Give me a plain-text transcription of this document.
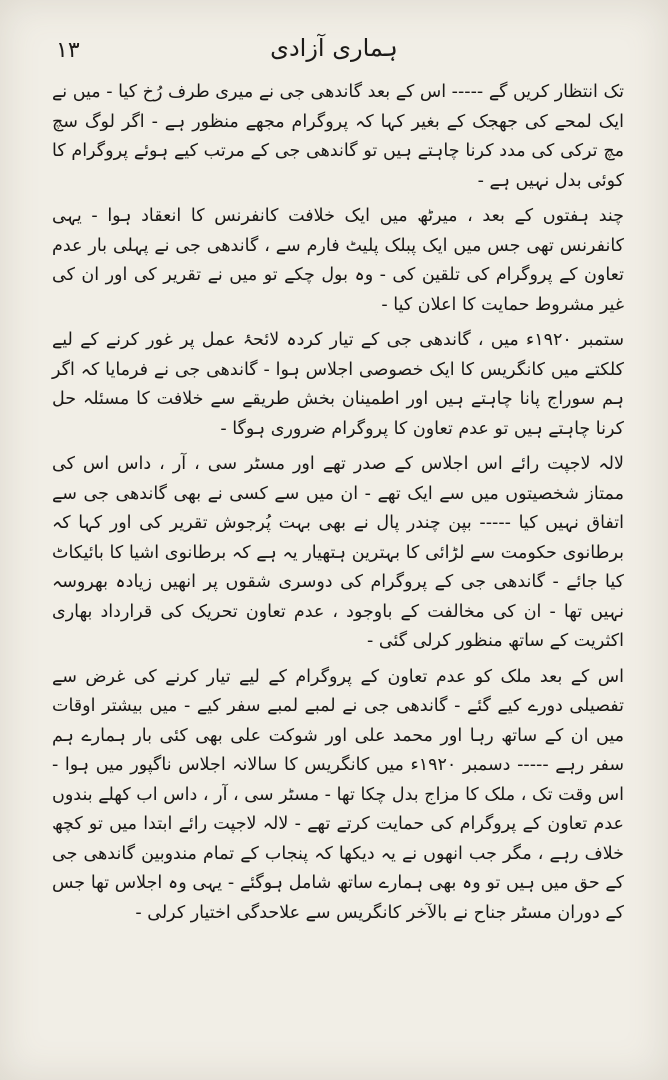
ہماری آزادی
۱۳

تک انتظار کریں گے ----- اس کے بعد گاندھی جی نے میری طرف رُخ کیا - میں نے ایک لمحے کی جھجک کے بغیر کہا کہ پروگرام مجھے منظور ہے - اگر لوگ سچ مچ ترکی کی مدد کرنا چاہتے ہیں تو گاندھی جی کے مرتب کیے ہوئے پروگرام کا کوئی بدل نہیں ہے -

چند ہفتوں کے بعد ، میرٹھ میں ایک خلافت کانفرنس کا انعقاد ہوا - یہی کانفرنس تھی جس میں ایک پبلک پلیٹ فارم سے ، گاندھی جی نے پہلی بار عدم تعاون کے پروگرام کی تلقین کی - وہ بول چکے تو میں نے تقریر کی اور ان کی غیر مشروط حمایت کا اعلان کیا -

ستمبر ۱۹۲۰ء میں ، گاندھی جی کے تیار کردہ لائحۂ عمل پر غور کرنے کے لیے کلکتے میں کانگریس کا ایک خصوصی اجلاس ہوا - گاندھی جی نے فرمایا کہ اگر ہم سوراج پانا چاہتے ہیں اور اطمینان بخش طریقے سے خلافت کا مسئلہ حل کرنا چاہتے ہیں تو عدم تعاون کا پروگرام ضروری ہوگا -

لالہ لاجپت رائے اس اجلاس کے صدر تھے اور مسٹر سی ، آر ، داس اس کی ممتاز شخصیتوں میں سے ایک تھے - ان میں سے کسی نے بھی گاندھی جی سے اتفاق نہیں کیا ----- بپن چندر پال نے بھی بہت پُرجوش تقریر کی اور کہا کہ برطانوی حکومت سے لڑائی کا بہترین ہتھیار یہ ہے کہ برطانوی اشیا کا بائیکاٹ کیا جائے - گاندھی جی کے پروگرام کی دوسری شقوں پر انھیں زیادہ بھروسہ نہیں تھا - ان کی مخالفت کے باوجود ، عدم تعاون تحریک کی قرارداد بھاری اکثریت کے ساتھ منظور کرلی گئی -

اس کے بعد ملک کو عدم تعاون کے پروگرام کے لیے تیار کرنے کی غرض سے تفصیلی دورے کیے گئے - گاندھی جی نے لمبے لمبے سفر کیے - میں بیشتر اوقات میں ان کے ساتھ رہا اور محمد علی اور شوکت علی بھی کئی بار ہمارے ہم سفر رہے ----- دسمبر ۱۹۲۰ء میں کانگریس کا سالانہ اجلاس ناگپور میں ہوا - اس وقت تک ، ملک کا مزاج بدل چکا تھا - مسٹر سی ، آر ، داس اب کھلے بندوں عدم تعاون کے پروگرام کی حمایت کرتے تھے - لالہ لاجپت رائے ابتدا میں تو کچھ خلاف رہے ، مگر جب انھوں نے یہ دیکھا کہ پنجاب کے تمام مندوبین گاندھی جی کے حق میں ہیں تو وہ بھی ہمارے ساتھ شامل ہوگئے - یہی وہ اجلاس تھا جس کے دوران مسٹر جناح نے بالآخر کانگریس سے علاحدگی اختیار کرلی -
